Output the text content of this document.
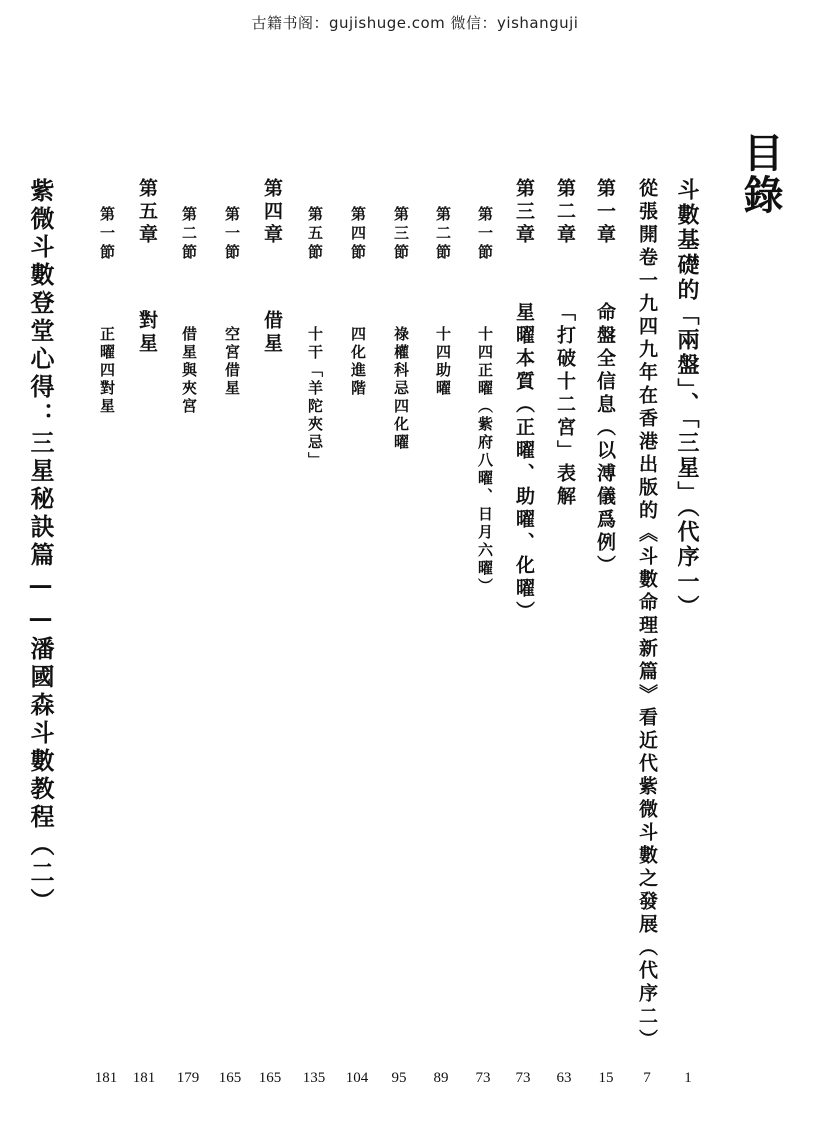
古籍书阁：gujishuge.com 微信：yishanguji
目錄
斗數基礎的「兩盤」、「三星」（代序一）
1
從張開卷一九四九年在香港出版的《斗數命理新篇》看近代紫微斗數之發展（代序二）
7
第一章
命盤全信息（以溥儀爲例）
15
第二章
「打破十二宮」表解
63
第三章
星曜本質（正曜、助曜、化曜）
73
第一節
十四正曜（紫府八曜、日月六曜）
73
第二節
十四助曜
89
第三節
祿權科忌四化曜
95
第四節
四化進階
104
第五節
十干「羊陀夾忌」
135
第四章
借星
165
第一節
空宮借星
165
第二節
借星與夾宮
179
第五章
對星
181
第一節
正曜四對星
181
紫微斗數登堂心得：三星秘訣篇——潘國森斗數教程（二）
